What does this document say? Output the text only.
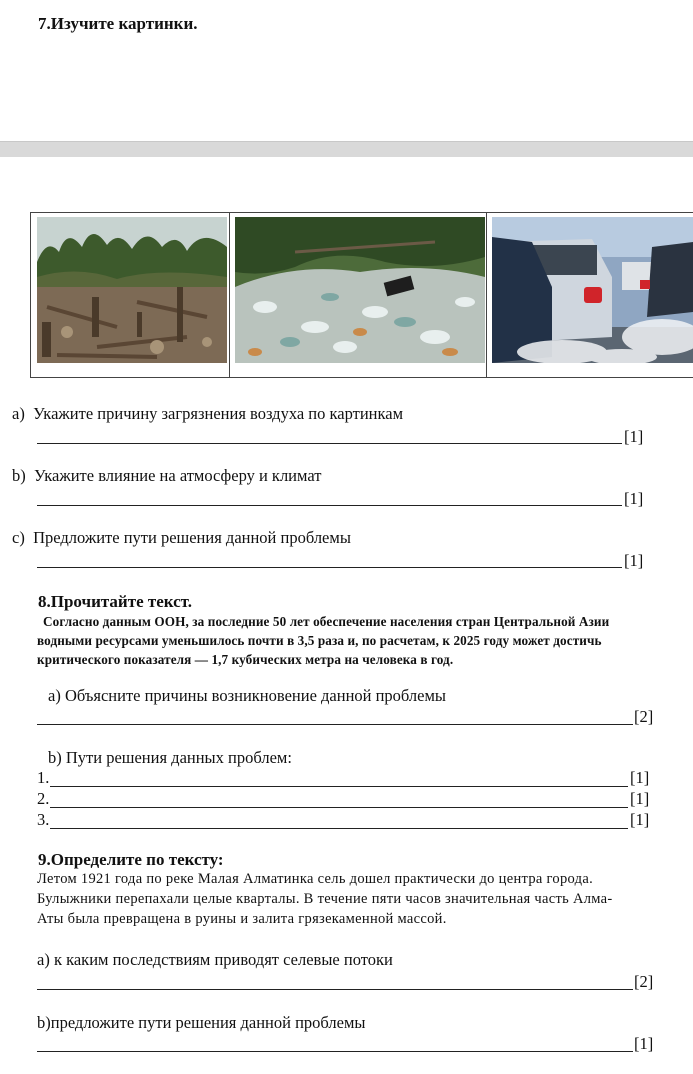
7.Изучите картинки.
a) Укажите причину загрязнения воздуха по картинкам
[1]
b) Укажите влияние на атмосферу и климат
[1]
c) Предложите пути решения данной проблемы
[1]
8.Прочитайте текст.
Согласно данным ООН, за последние 50 лет обеспечение населения стран Центральной Азии
водными ресурсами уменьшилось почти в 3,5 раза и, по расчетам, к 2025 году может достичь
критического показателя — 1,7 кубических метра на человека в год.
a) Объясните причины возникновение данной проблемы
[2]
b) Пути решения данных проблем:
1.	[1]
2.	[1]
3.	[1]
9.Определите по тексту:
Летом 1921 года по реке Малая Алматинка сель дошел практически до центра города.
Булыжники перепахали целые кварталы. В течение пяти часов значительная часть Алма-
Аты была превращена в руины и залита грязекаменной массой.
a) к каким последствиям приводят селевые потоки
[2]
b)предложите пути решения данной проблемы
[1]
